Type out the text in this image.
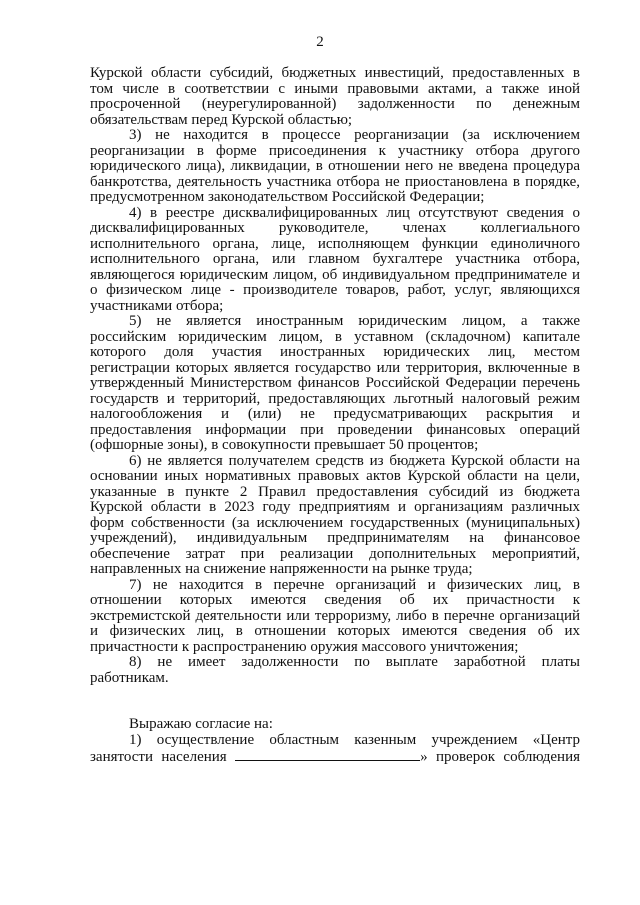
2
Курской области субсидий, бюджетных инвестиций, предоставленных в
том числе в соответствии с иными правовыми актами, а также иной
просроченной (неурегулированной) задолженности по денежным
обязательствам перед Курской областью;
3) не находится в процессе реорганизации (за исключением
реорганизации в форме присоединения к участнику отбора другого
юридического лица), ликвидации, в отношении него не введена процедура
банкротства, деятельность участника отбора не приостановлена в порядке,
предусмотренном законодательством Российской Федерации;
4) в реестре дисквалифицированных лиц отсутствуют сведения о
дисквалифицированных руководителе, членах коллегиального
исполнительного органа, лице, исполняющем функции единоличного
исполнительного органа, или главном бухгалтере участника отбора,
являющегося юридическим лицом, об индивидуальном предпринимателе и
о физическом лице - производителе товаров, работ, услуг, являющихся
участниками отбора;
5) не является иностранным юридическим лицом, а также
российским юридическим лицом, в уставном (складочном) капитале
которого доля участия иностранных юридических лиц, местом
регистрации которых является государство или территория, включенные в
утвержденный Министерством финансов Российской Федерации перечень
государств и территорий, предоставляющих льготный налоговый режим
налогообложения и (или) не предусматривающих раскрытия и
предоставления информации при проведении финансовых операций
(офшорные зоны), в совокупности превышает 50 процентов;
6) не является получателем средств из бюджета Курской области на
основании иных нормативных правовых актов Курской области на цели,
указанные в пункте 2 Правил предоставления субсидий из бюджета
Курской области в 2023 году предприятиям и организациям различных
форм собственности (за исключением государственных (муниципальных)
учреждений), индивидуальным предпринимателям на финансовое
обеспечение затрат при реализации дополнительных мероприятий,
направленных на снижение напряженности на рынке труда;
7) не находится в перечне организаций и физических лиц, в
отношении которых имеются сведения об их причастности к
экстремистской деятельности или терроризму, либо в перечне организаций
и физических лиц, в отношении которых имеются сведения об их
причастности к распространению оружия массового уничтожения;
8) не имеет задолженности по выплате заработной платы
работникам.
Выражаю согласие на:
1) осуществление областным казенным учреждением «Центр
занятости населения	» проверок соблюдения
